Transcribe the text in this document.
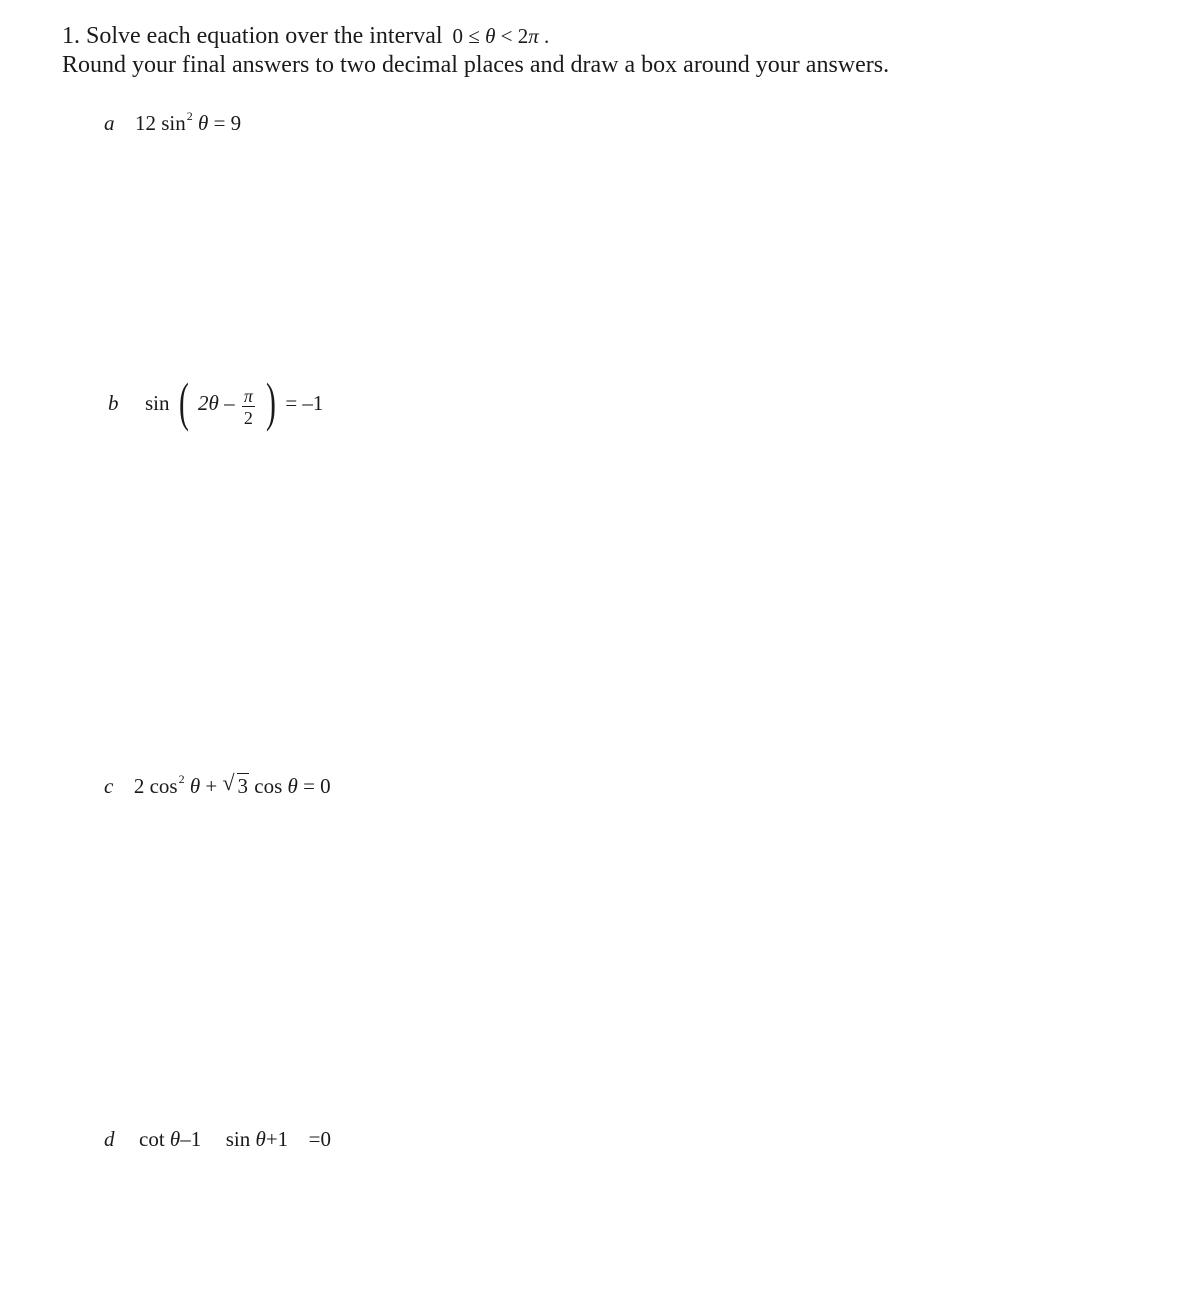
1. Solve each equation over the interval 0 ≤ θ < 2π .
Round your final answers to two decimal places and draw a box around your answers.
a 12 $\sin^2 \theta = 9$
b sin ( $2\theta - \frac{\pi}{2}$ ) = –1
c 2 $\cos^2 \theta$ + √ 3 cos θ = 0
d cot θ–1 sin θ+1 =0
